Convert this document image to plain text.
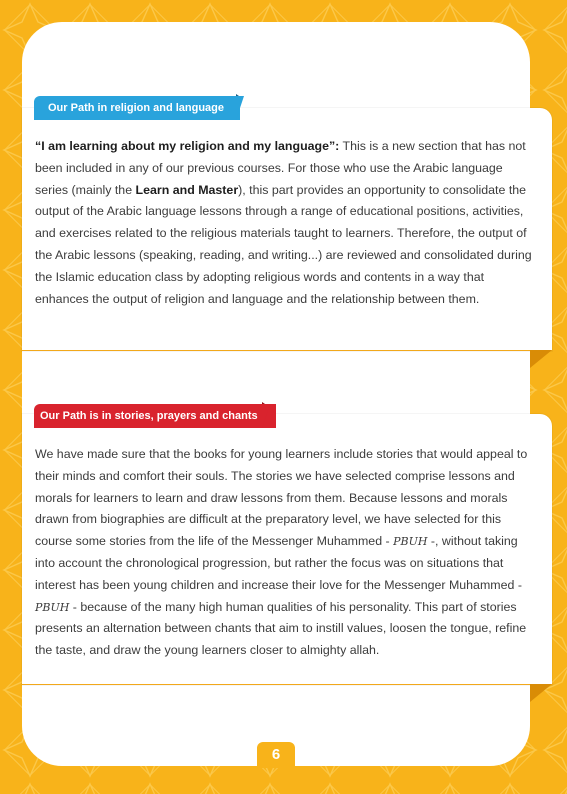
Our Path in religion and language

“I am learning about my religion and my language”: This is a new section that has not been included in any of our previous courses. For those who use the Arabic language series (mainly the Learn and Master), this part provides an opportunity to consolidate the output of the Arabic language lessons through a range of educational positions, activities, and exercises related to the religious materials taught to learners. Therefore, the output of the Arabic lessons (speaking, reading, and writing...) are reviewed and consolidated during the Islamic education class by adopting religious words and contents in a way that enhances the output of religion and language and the relationship between them.

Our Path is in stories, prayers and chants

We have made sure that the books for young learners include stories that would appeal to their minds and comfort their souls. The stories we have selected comprise lessons and morals for learners to learn and draw lessons from them. Because lessons and morals drawn from biographies are difficult at the preparatory level, we have selected for this course some stories from the life of the Messenger Muhammed - PBUH -, without taking into account the chronological progression, but rather the focus was on situations that interest has been young children and increase their love for the Messenger Muhammed - PBUH - because of the many high human qualities of his personality. This part of stories presents an alternation between chants that aim to instill values, loosen the tongue, refine the taste, and draw the young learners closer to almighty allah.

6
